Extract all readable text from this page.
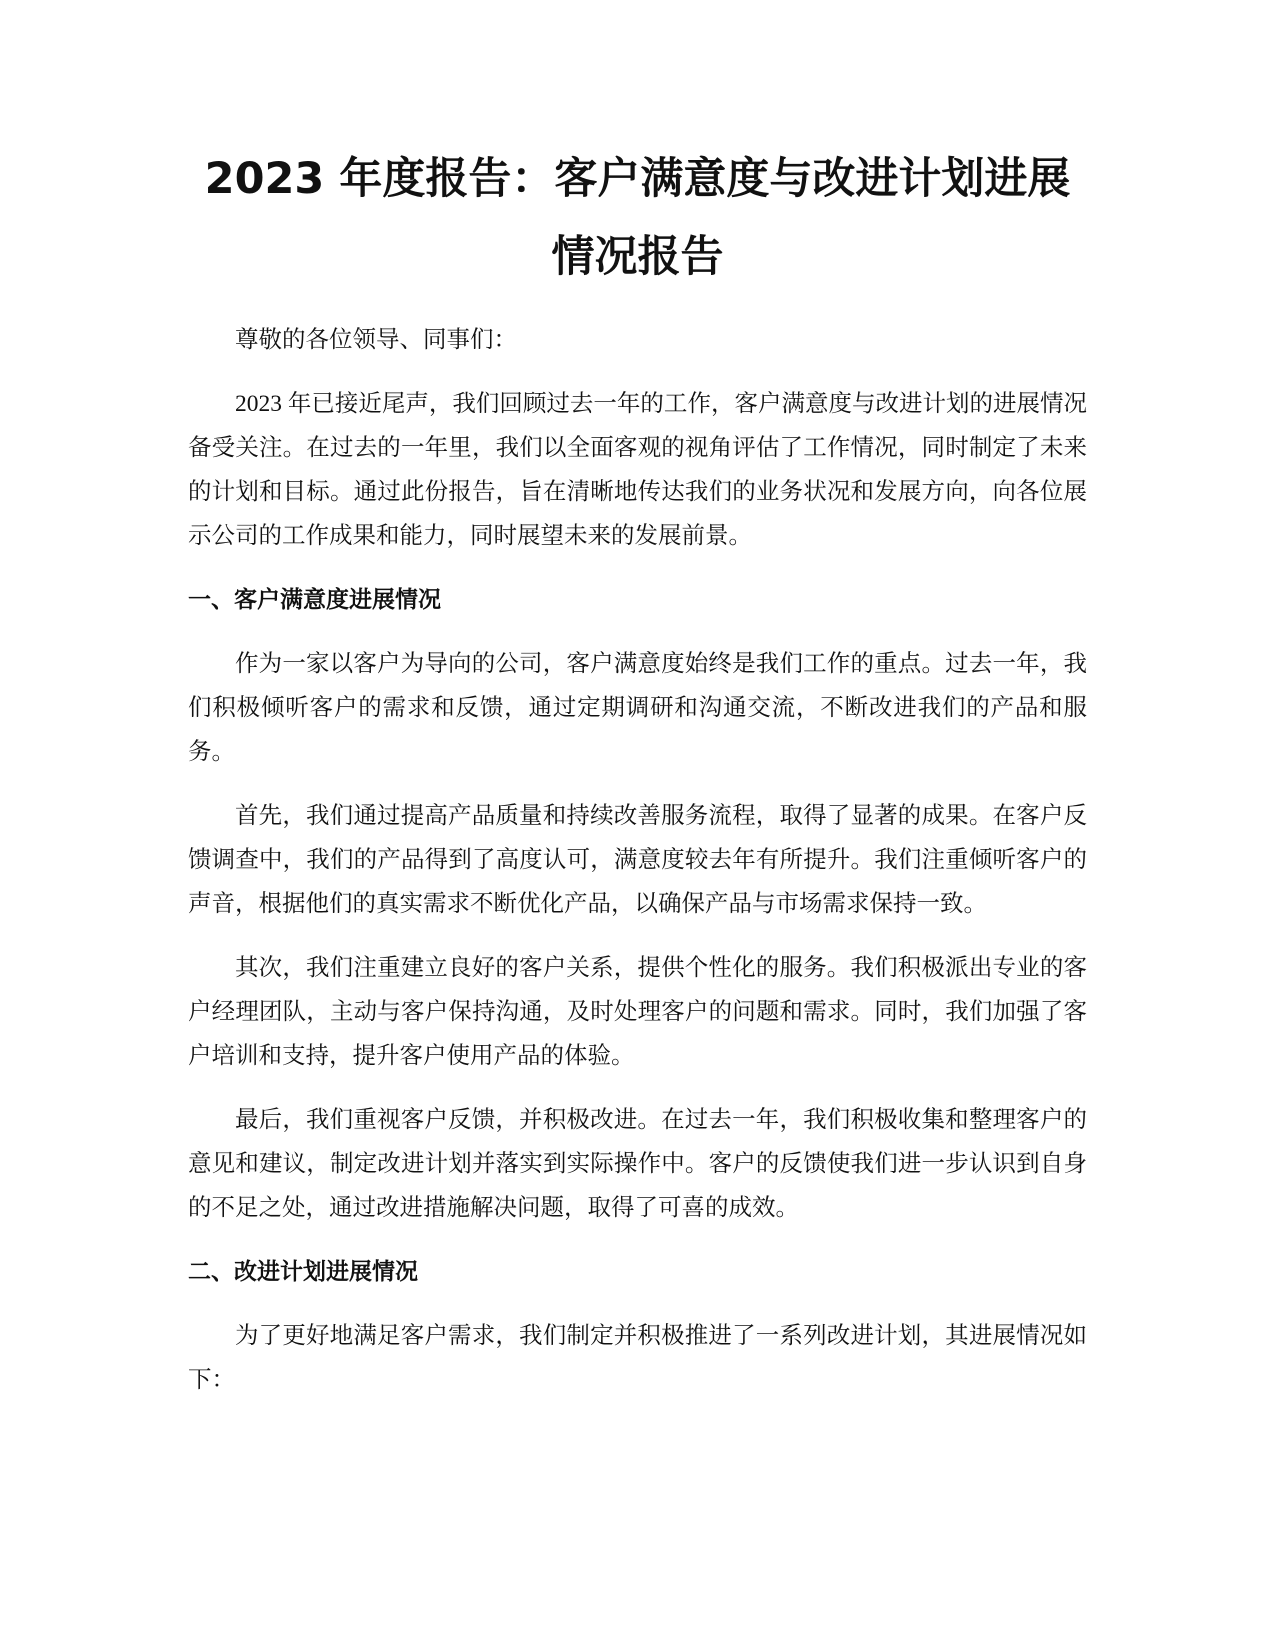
2023 年度报告：客户满意度与改进计划进展
情况报告

尊敬的各位领导、同事们：

2023 年已接近尾声，我们回顾过去一年的工作，客户满意度与改进计划的进展情况备受关注。在过去的一年里，我们以全面客观的视角评估了工作情况，同时制定了未来的计划和目标。通过此份报告，旨在清晰地传达我们的业务状况和发展方向，向各位展示公司的工作成果和能力，同时展望未来的发展前景。

一、客户满意度进展情况

作为一家以客户为导向的公司，客户满意度始终是我们工作的重点。过去一年，我们积极倾听客户的需求和反馈，通过定期调研和沟通交流，不断改进我们的产品和服务。

首先，我们通过提高产品质量和持续改善服务流程，取得了显著的成果。在客户反馈调查中，我们的产品得到了高度认可，满意度较去年有所提升。我们注重倾听客户的声音，根据他们的真实需求不断优化产品，以确保产品与市场需求保持一致。

其次，我们注重建立良好的客户关系，提供个性化的服务。我们积极派出专业的客户经理团队，主动与客户保持沟通，及时处理客户的问题和需求。同时，我们加强了客户培训和支持，提升客户使用产品的体验。

最后，我们重视客户反馈，并积极改进。在过去一年，我们积极收集和整理客户的意见和建议，制定改进计划并落实到实际操作中。客户的反馈使我们进一步认识到自身的不足之处，通过改进措施解决问题，取得了可喜的成效。

二、改进计划进展情况

为了更好地满足客户需求，我们制定并积极推进了一系列改进计划，其进展情况如下：
